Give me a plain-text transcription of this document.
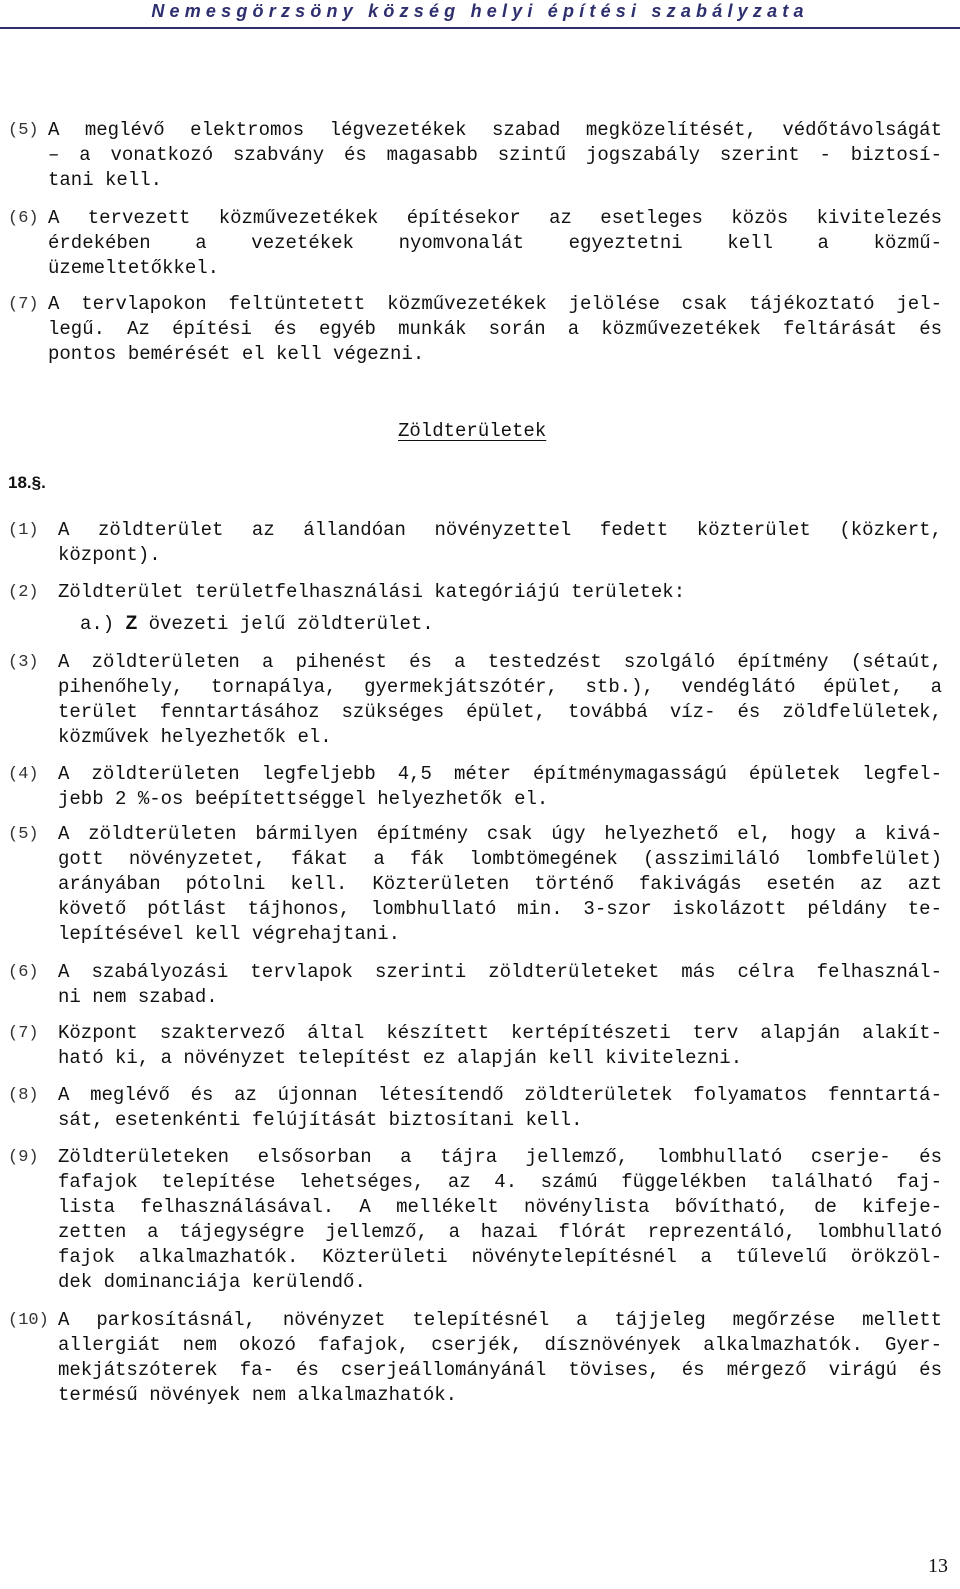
Nemesgörzsöny község helyi építési szabályzata
(5) A meglévő elektromos légvezetékek szabad megközelítését, védőtávolságát
– a vonatkozó szabvány és magasabb szintű jogszabály szerint - biztosí-
tani kell.
(6) A tervezett közművezetékek építésekor az esetleges közös kivitelezés
érdekében a vezetékek nyomvonalát egyeztetni kell a közmű-
üzemeltetőkkel.
(7) A tervlapokon feltüntetett közművezetékek jelölése csak tájékoztató jel-
legű. Az építési és egyéb munkák során a közművezetékek feltárását és
pontos bemérését el kell végezni.
Zöldterületek
18.§.
(1) A zöldterület az állandóan növényzettel fedett közterület (közkert,
központ).
(2) Zöldterület területfelhasználási kategóriájú területek:
a.) Z övezeti jelű zöldterület.
(3) A zöldterületen a pihenést és a testedzést szolgáló építmény (sétaút,
pihenőhely, tornapálya, gyermekjátszótér, stb.), vendéglátó épület, a
terület fenntartásához szükséges épület, továbbá víz- és zöldfelületek,
közművek helyezhetők el.
(4) A zöldterületen legfeljebb 4,5 méter építménymagasságú épületek legfel-
jebb 2 %-os beépítettséggel helyezhetők el.
(5) A zöldterületen bármilyen építmény csak úgy helyezhető el, hogy a kivá-
gott növényzetet, fákat a fák lombtömegének (asszimiláló lombfelület)
arányában pótolni kell. Közterületen történő fakivágás esetén az azt
követő pótlást tájhonos, lombhullató min. 3-szor iskolázott példány te-
lepítésével kell végrehajtani.
(6) A szabályozási tervlapok szerinti zöldterületeket más célra felhasznál-
ni nem szabad.
(7) Központ szaktervező által készített kertépítészeti terv alapján alakít-
ható ki, a növényzet telepítést ez alapján kell kivitelezni.
(8) A meglévő és az újonnan létesítendő zöldterületek folyamatos fenntartá-
sát, esetenkénti felújítását biztosítani kell.
(9) Zöldterületeken elsősorban a tájra jellemző, lombhullató cserje- és
fafajok telepítése lehetséges, az 4. számú függelékben található faj-
lista felhasználásával. A mellékelt növénylista bővítható, de kifeje-
zetten a tájegységre jellemző, a hazai flórát reprezentáló, lombhullató
fajok alkalmazhatók. Közterületi növénytelepítésnél a tűlevelű örökzöl-
dek dominanciája kerülendő.
(10) A parkosításnál, növényzet telepítésnél a tájjeleg megőrzése mellett
allergiát nem okozó fafajok, cserjék, dísznövények alkalmazhatók. Gyer-
mekjátszóterek fa- és cserjeállományánál tövises, és mérgező virágú és
termésű növények nem alkalmazhatók.
13
